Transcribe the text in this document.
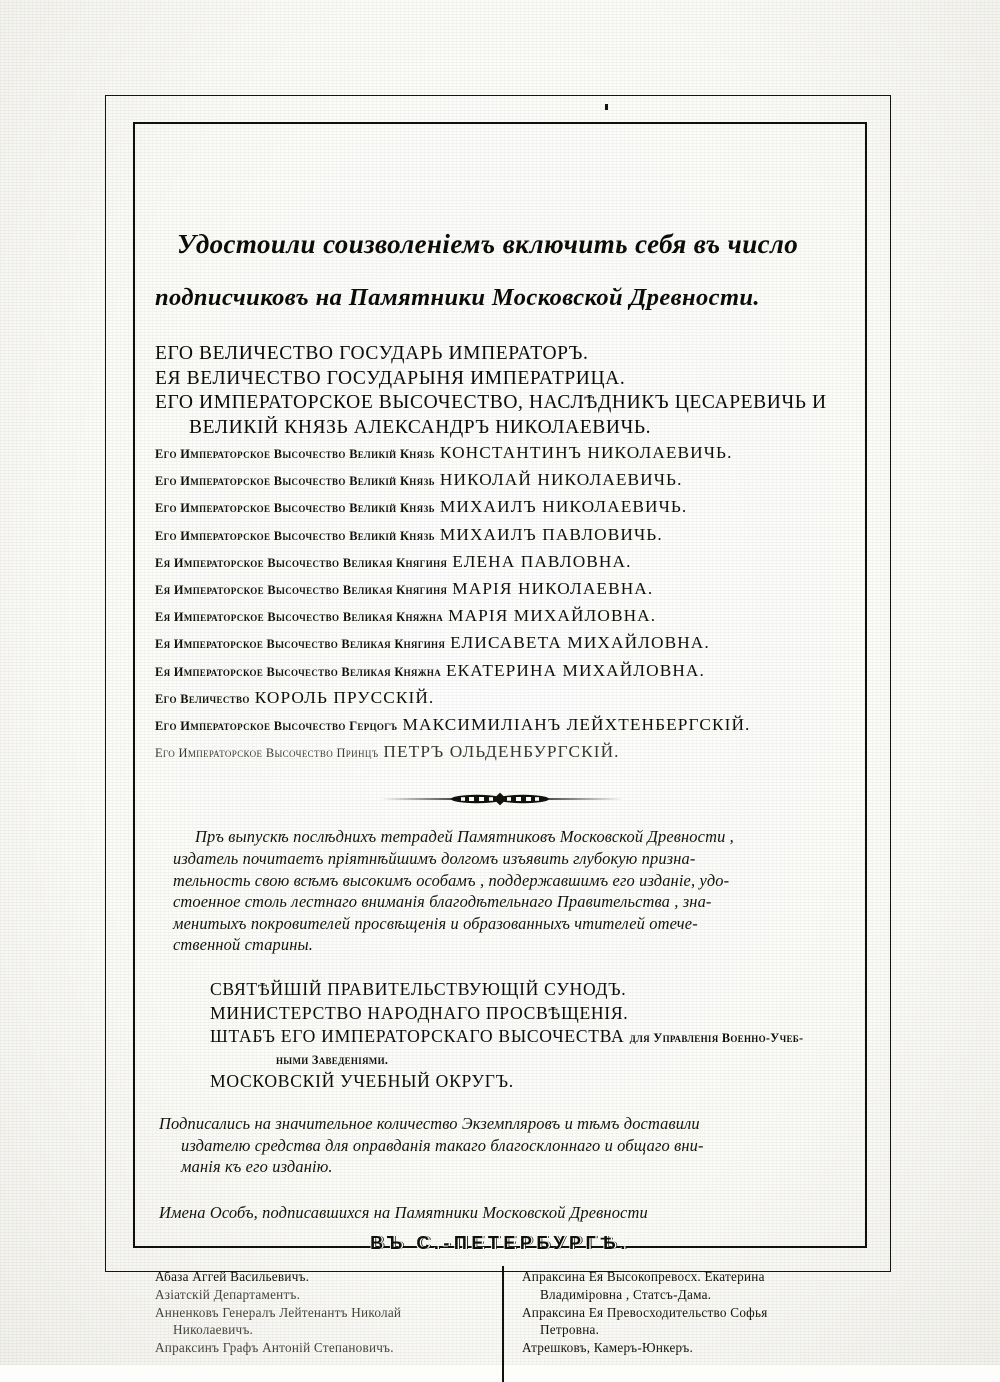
Удостоили соизволеніемъ включить себя въ число
подписчиковъ на Памятники Московской Древности.
ЕГО ВЕЛИЧЕСТВО ГОСУДАРЬ ИМПЕРАТОРЪ.
ЕЯ ВЕЛИЧЕСТВО ГОСУДАРЫНЯ ИМПЕРАТРИЦА.
ЕГО ИМПЕРАТОРСКОЕ ВЫСОЧЕСТВО, НАСЛѢДНИКЪ ЦЕСАРЕВИЧЬ И
ВЕЛИКІЙ КНЯЗЬ АЛЕКСАНДРЪ НИКОЛАЕВИЧЬ.
Его Императорское Высочество Великій Князь КОНСТАНТИНЪ НИКОЛАЕВИЧЬ.
Его Императорское Высочество Великій Князь НИКОЛАЙ НИКОЛАЕВИЧЬ.
Его Императорское Высочество Великій Князь МИХАИЛЪ НИКОЛАЕВИЧЬ.
Его Императорское Высочество Великій Князь МИХАИЛЪ ПАВЛОВИЧЬ.
Ея Императорское Высочество Великая Княгиня ЕЛЕНА ПАВЛОВНА.
Ея Императорское Высочество Великая Княгиня МАРІЯ НИКОЛАЕВНА.
Ея Императорское Высочество Великая Княжна МАРІЯ МИХАЙЛОВНА.
Ея Императорское Высочество Великая Княгиня ЕЛИСАВЕТА МИХАЙЛОВНА.
Ея Императорское Высочество Великая Княжна ЕКАТЕРИНА МИХАЙЛОВНА.
Его Величество КОРОЛЬ ПРУССКІЙ.
Его Императорское Высочество Герцогъ МАКСИМИЛІАНЪ ЛЕЙХТЕНБЕРГСКІЙ.
Его Императорское Высочество Принцъ ПЕТРЪ ОЛЬДЕНБУРГСКІЙ.
Пръ выпускѣ послѣднихъ тетрадей Памятниковъ Московской Древности ,
издатель почитаетъ пріятнѣйшимъ долгомъ изъявить глубокую призна-
тельность свою всѣмъ высокимъ особамъ , поддержавшимъ его изданіе, удо-
стоенное столь лестнаго вниманія благодѣтельнаго Правительства , зна-
менитыхъ покровителей просвѣщенія и образованныхъ чтителей отече-
ственной старины.
СВЯТѢЙШІЙ ПРАВИТЕЛЬСТВУЮЩІЙ СУНОДЪ.
МИНИСТЕРСТВО НАРОДНАГО ПРОСВѢЩЕНІЯ.
ШТАБЪ ЕГО ИМПЕРАТОРСКАГО ВЫСОЧЕСТВА для Управленія Военно-Учеб-
ными Заведеніями.
МОСКОВСКІЙ УЧЕБНЫЙ ОКРУГЪ.
Подписались на значительное количество Экземпляровъ и тѣмъ доставили
издателю средства для оправданія такаго благосклоннаго и общаго вни-
манія къ его изданію.
Имена Особъ, подписавшихся на Памятники Московской Древности
ВЪ С.-ПЕТЕРБУРГѢ.
Абаза Аггей Васильевичъ.
Азіатскій Департаментъ.
Анненковъ Генералъ Лейтенантъ Николай
Николаевичъ.
Апраксинъ Графъ Антоній Степановичъ.
Апраксина Ея Высокопревосх. Екатерина
Владиміровна , Статсъ-Дама.
Апраксина Ея Превосходительство Софья
Петровна.
Атрешковъ, Камеръ-Юнкеръ.
